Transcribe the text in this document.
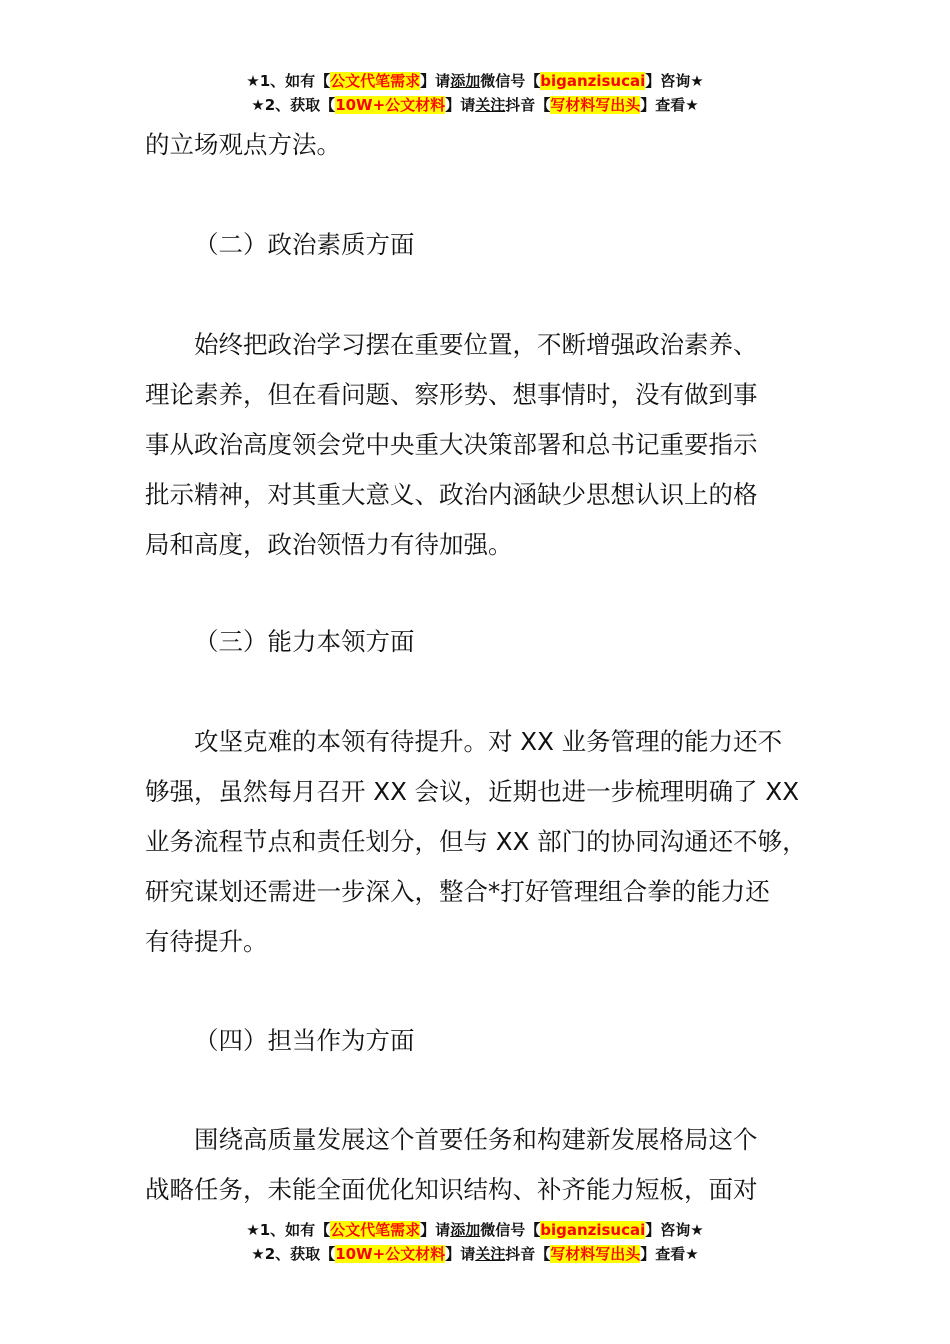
★1、如有【公文代笔需求】请添加微信号【biganzisucai】咨询★
★2、获取【10W+公文材料】请关注抖音【写材料写出头】查看★

的立场观点方法。

（二）政治素质方面

始终把政治学习摆在重要位置，不断增强政治素养、
理论素养，但在看问题、察形势、想事情时，没有做到事
事从政治高度领会党中央重大决策部署和总书记重要指示
批示精神，对其重大意义、政治内涵缺少思想认识上的格
局和高度，政治领悟力有待加强。

（三）能力本领方面

攻坚克难的本领有待提升。对 XX 业务管理的能力还不
够强，虽然每月召开 XX 会议，近期也进一步梳理明确了 XX
业务流程节点和责任划分，但与 XX 部门的协同沟通还不够，
研究谋划还需进一步深入，整合*打好管理组合拳的能力还
有待提升。

（四）担当作为方面

围绕高质量发展这个首要任务和构建新发展格局这个
战略任务，未能全面优化知识结构、补齐能力短板，面对
★1、如有【公文代笔需求】请添加微信号【biganzisucai】咨询★
★2、获取【10W+公文材料】请关注抖音【写材料写出头】查看★
